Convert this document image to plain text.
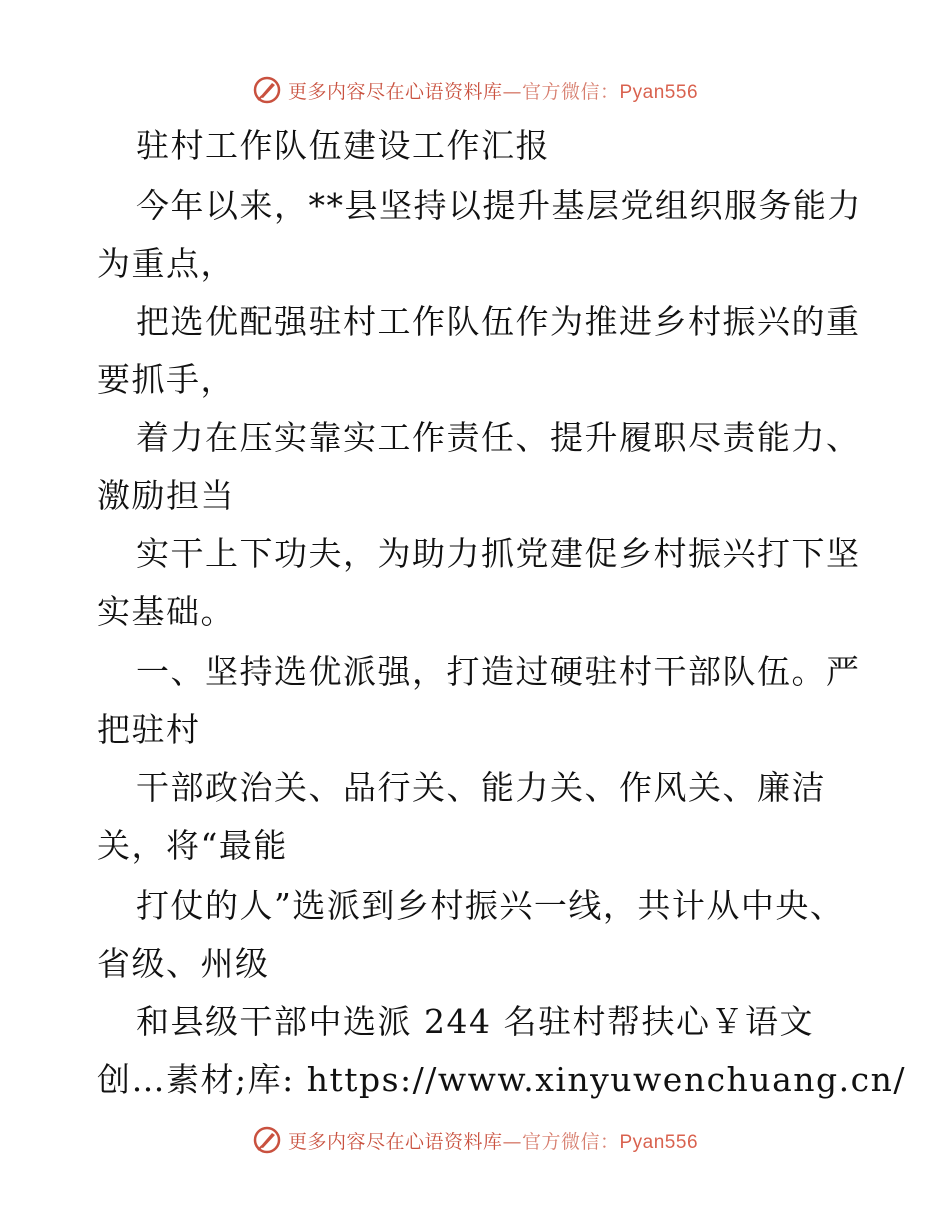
更多内容尽在心语资料库—官方微信：Pyan556
驻村工作队伍建设工作汇报
今年以来，**县坚持以提升基层党组织服务能力
为重点，
把选优配强驻村工作队伍作为推进乡村振兴的重
要抓手，
着力在压实靠实工作责任、提升履职尽责能力、
激励担当
实干上下功夫，为助力抓党建促乡村振兴打下坚
实基础。
一、坚持选优派强，打造过硬驻村干部队伍。严
把驻村
干部政治关、品行关、能力关、作风关、廉洁
关，将“最能
打仗的人”选派到乡村振兴一线，共计从中央、
省级、州级
和县级干部中选派 244 名驻村帮扶心￥语文
创…素材;库: https://www.xinyuwenchuang.cn/
更多内容尽在心语资料库—官方微信：Pyan556
